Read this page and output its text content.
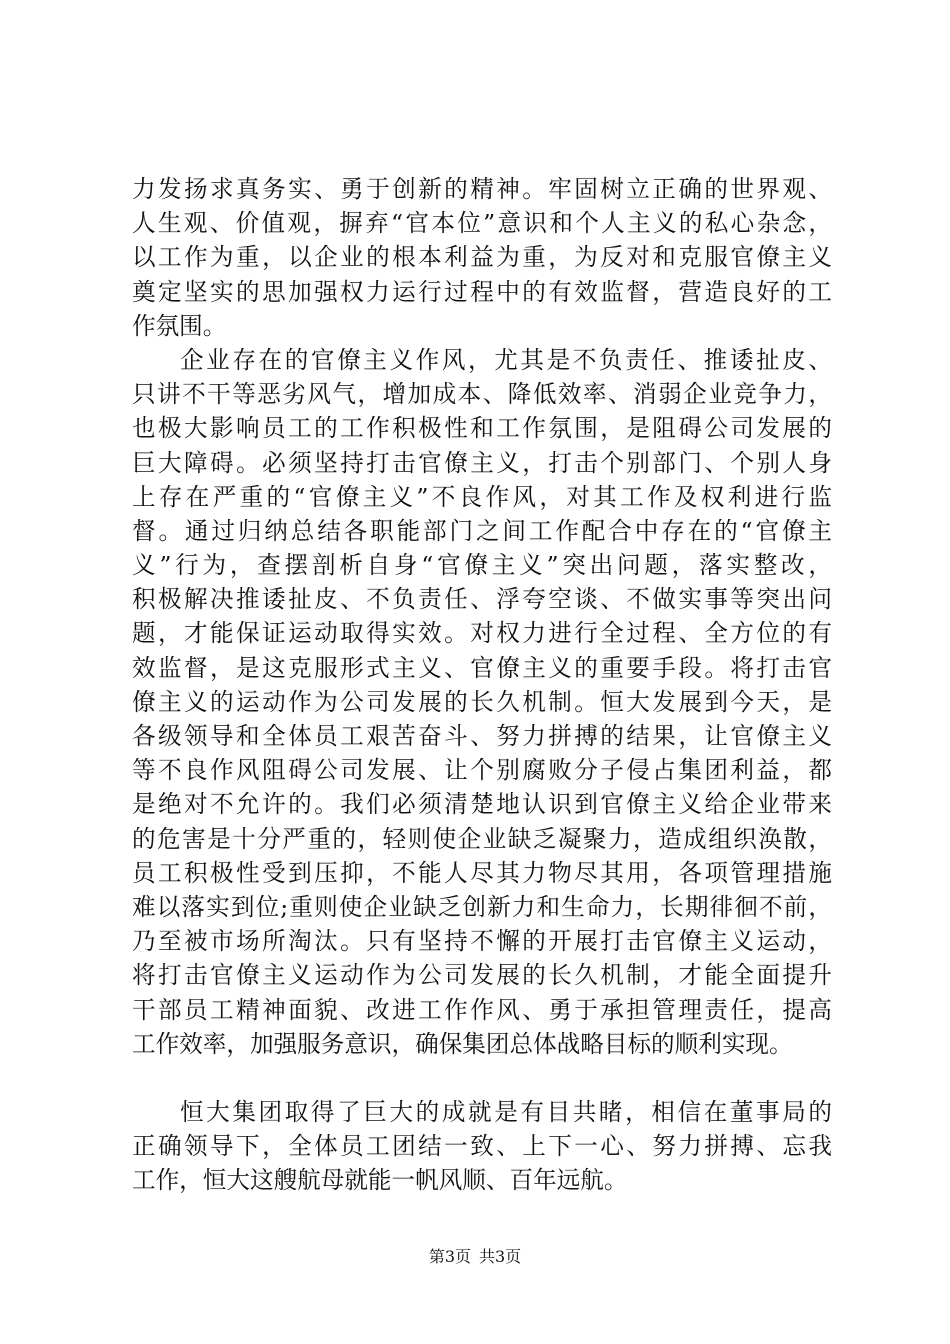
力发扬求真务实、勇于创新的精神。牢固树立正确的世界观、
人生观、价值观，摒弃“官本位”意识和个人主义的私心杂念，
以工作为重，以企业的根本利益为重，为反对和克服官僚主义
奠定坚实的思加强权力运行过程中的有效监督，营造良好的工
作氛围。
企业存在的官僚主义作风，尤其是不负责任、推诿扯皮、
只讲不干等恶劣风气，增加成本、降低效率、消弱企业竞争力，
也极大影响员工的工作积极性和工作氛围，是阻碍公司发展的
巨大障碍。必须坚持打击官僚主义，打击个别部门、个别人身
上存在严重的“官僚主义”不良作风，对其工作及权利进行监
督。通过归纳总结各职能部门之间工作配合中存在的“官僚主
义”行为，查摆剖析自身“官僚主义”突出问题，落实整改，
积极解决推诿扯皮、不负责任、浮夸空谈、不做实事等突出问
题，才能保证运动取得实效。对权力进行全过程、全方位的有
效监督，是这克服形式主义、官僚主义的重要手段。将打击官
僚主义的运动作为公司发展的长久机制。恒大发展到今天，是
各级领导和全体员工艰苦奋斗、努力拼搏的结果，让官僚主义
等不良作风阻碍公司发展、让个别腐败分子侵占集团利益，都
是绝对不允许的。我们必须清楚地认识到官僚主义给企业带来
的危害是十分严重的，轻则使企业缺乏凝聚力，造成组织涣散，
员工积极性受到压抑，不能人尽其力物尽其用，各项管理措施
难以落实到位;重则使企业缺乏创新力和生命力，长期徘徊不前，
乃至被市场所淘汰。只有坚持不懈的开展打击官僚主义运动，
将打击官僚主义运动作为公司发展的长久机制，才能全面提升
干部员工精神面貌、改进工作作风、勇于承担管理责任，提高
工作效率，加强服务意识，确保集团总体战略目标的顺利实现。
恒大集团取得了巨大的成就是有目共睹，相信在董事局的
正确领导下，全体员工团结一致、上下一心、努力拼搏、忘我
工作，恒大这艘航母就能一帆风顺、百年远航。
第3页 共3页
